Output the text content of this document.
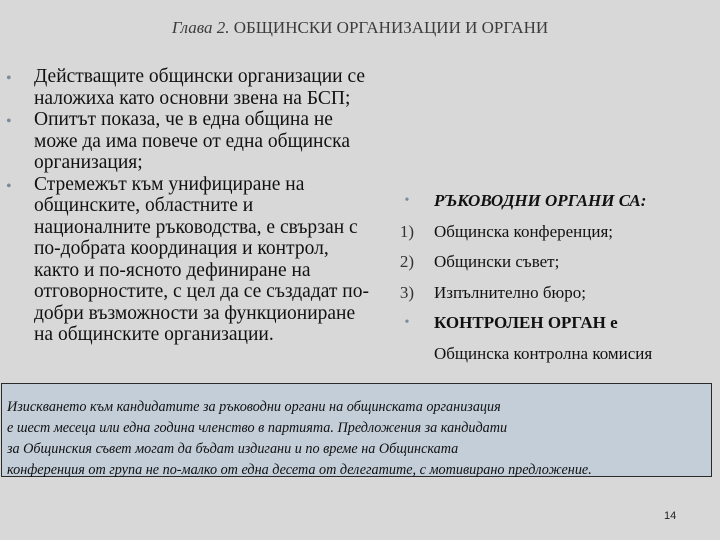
Глава 2. ОБЩИНСКИ ОРГАНИЗАЦИИ И ОРГАНИ
• Действащите общински организации се наложиха като основни звена на БСП;
• Опитът показа, че в една община не може да има повече от една общинска организация;
• Стремежът към унифициране на общинските, областните и националните ръководства, е свързан с по-добрата координация и контрол, както и по-ясното дефиниране на отговорностите, с цел да се създадат по-добри възможности за функциониране на общинските организации.
•	РЪКОВОДНИ ОРГАНИ СА:
1)	Общинска конференция;
2)	Общински съвет;
3)	Изпълнително бюро;
•	КОНТРОЛЕН ОРГАН е
Общинска контролна комисия

Изискването към кандидатите за ръководни органи на общинската организация

е шест месеца или една година членство в партията. Предложения за кандидати

за Общинския съвет могат да бъдат издигани и по време на Общинската

конференция от група не по-малко от една десета от делегатите, с мотивирано предложение.

14
